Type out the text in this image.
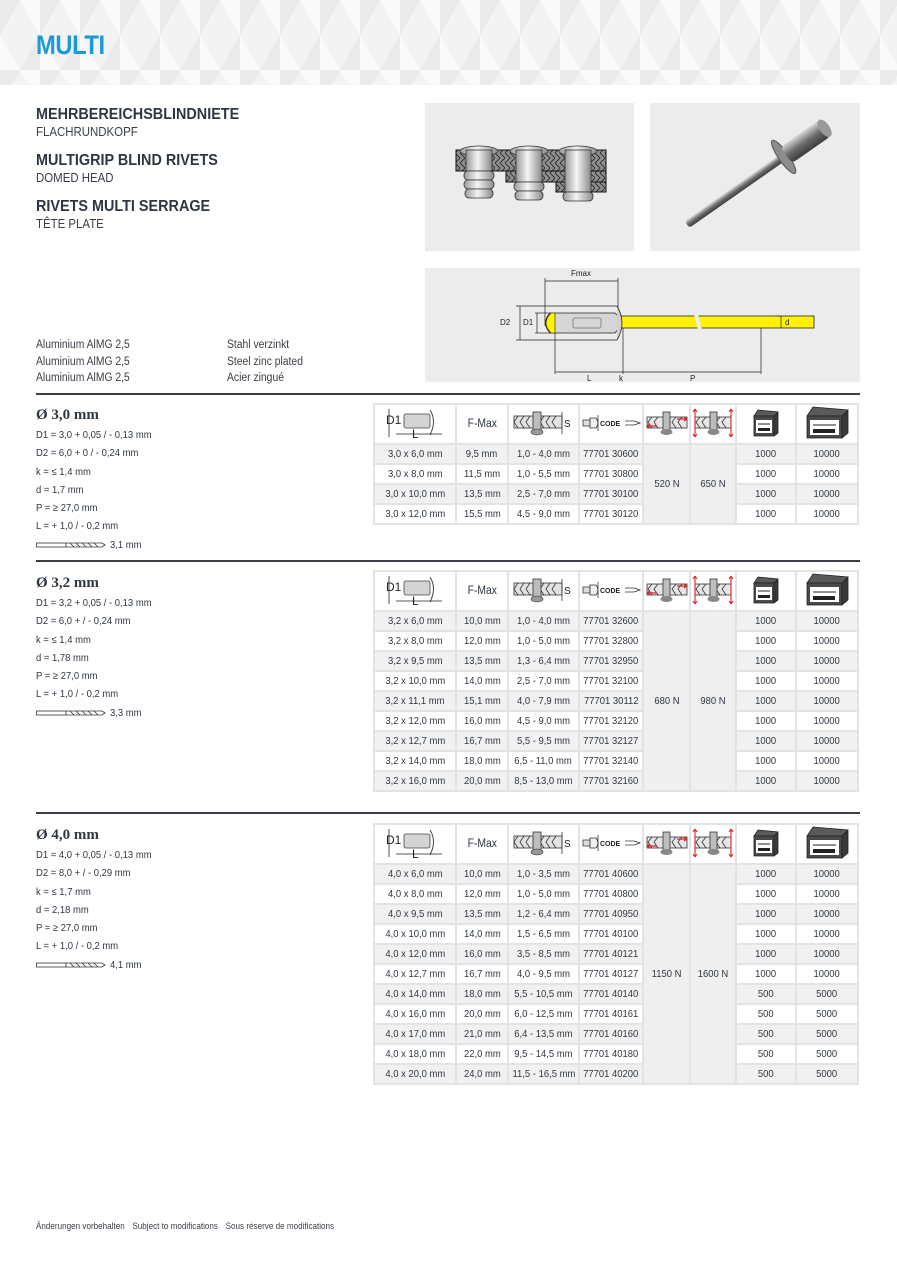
MULTI
MEHRBEREICHSBLINDNIETE
FLACHRUNDKOPF
MULTIGRIP BLIND RIVETS
DOMED HEAD
RIVETS MULTI SERRAGE
TÊTE PLATE
Fmax
D2 D1	d
L	k	P
Aluminium AlMG 2,5
Aluminium AlMG 2,5
Aluminium AlMG 2,5
Stahl verzinkt
Steel zinc plated
Acier zingué
Ø 3,0 mm
D1 = 3,0 + 0,05 / - 0,13 mm
D2 = 6,0 + 0 / - 0,24 mm
k = ≤ 1,4 mm
d = 1,7 mm
P = ≥ 27,0 mm
L = + 1,0 / - 0,2 mm
3,1 mm
Ø 3,2 mm
D1 = 3,2 + 0,05 / - 0,13 mm
D2 = 6,0 + / - 0,24 mm
k = ≤ 1,4 mm
d = 1,78 mm
P = ≥ 27,0 mm
L = + 1,0 / - 0,2 mm
3,3 mm
Ø 4,0 mm
D1 = 4,0 + 0,05 / - 0,13 mm
D2 = 8,0 + / - 0,29 mm
k = ≤ 1,7 mm
d = 2,18 mm
P = ≥ 27,0 mm
L = + 1,0 / - 0,2 mm
4,1 mm
D1
L	F-Max	S	CODE

3,0 x 6,0 mm	9,5 mm	1,0 - 4,0 mm	77701 30600	520 N	650 N	1000	10000
3,0 x 8,0 mm	11,5 mm	1,0 - 5,5 mm	77701 30800			1000	10000
3,0 x 10,0 mm	13,5 mm	2,5 - 7,0 mm	77701 30100			1000	10000
3,0 x 12,0 mm	15,5 mm	4,5 - 9,0 mm	77701 30120			1000	10000
D1
L	F-Max	S	CODE

3,2 x 6,0 mm	10,0 mm	1,0 - 4,0 mm	77701 32600	680 N	980 N	1000	10000
3,2 x 8,0 mm	12,0 mm	1,0 - 5,0 mm	77701 32800			1000	10000
3,2 x 9,5 mm	13,5 mm	1,3 - 6,4 mm	77701 32950			1000	10000
3,2 x 10,0 mm	14,0 mm	2,5 - 7,0 mm	77701 32100			1000	10000
3,2 x 11,1 mm	15,1 mm	4,0 - 7,9 mm	77701 30112			1000	10000
3,2 x 12,0 mm	16,0 mm	4,5 - 9,0 mm	77701 32120			1000	10000
3,2 x 12,7 mm	16,7 mm	5,5 - 9,5 mm	77701 32127			1000	10000
3,2 x 14,0 mm	18,0 mm	6,5 - 11,0 mm	77701 32140			1000	10000
3,2 x 16,0 mm	20,0 mm	8,5 - 13,0 mm	77701 32160			1000	10000
D1
L	F-Max	S	CODE

4,0 x 6,0 mm	10,0 mm	1,0 - 3,5 mm	77701 40600	1150 N	1600 N	1000	10000
4,0 x 8,0 mm	12,0 mm	1,0 - 5,0 mm	77701 40800			1000	10000
4,0 x 9,5 mm	13,5 mm	1,2 - 6,4 mm	77701 40950			1000	10000
4,0 x 10,0 mm	14,0 mm	1,5 - 6,5 mm	77701 40100			1000	10000
4,0 x 12,0 mm	16,0 mm	3,5 - 8,5 mm	77701 40121			1000	10000
4,0 x 12,7 mm	16,7 mm	4,0 - 9,5 mm	77701 40127			1000	10000
4,0 x 14,0 mm	18,0 mm	5,5 - 10,5 mm	77701 40140			500	5000
4,0 x 16,0 mm	20,0 mm	6,0 - 12,5 mm	77701 40161			500	5000
4,0 x 17,0 mm	21,0 mm	6,4 - 13,5 mm	77701 40160			500	5000
4,0 x 18,0 mm	22,0 mm	9,5 - 14,5 mm	77701 40180			500	5000
4,0 x 20,0 mm	24,0 mm	11,5 - 16,5 mm	77701 40200			500	5000
Änderungen vorbehalten Subject to modifications Sous réserve de modifications
